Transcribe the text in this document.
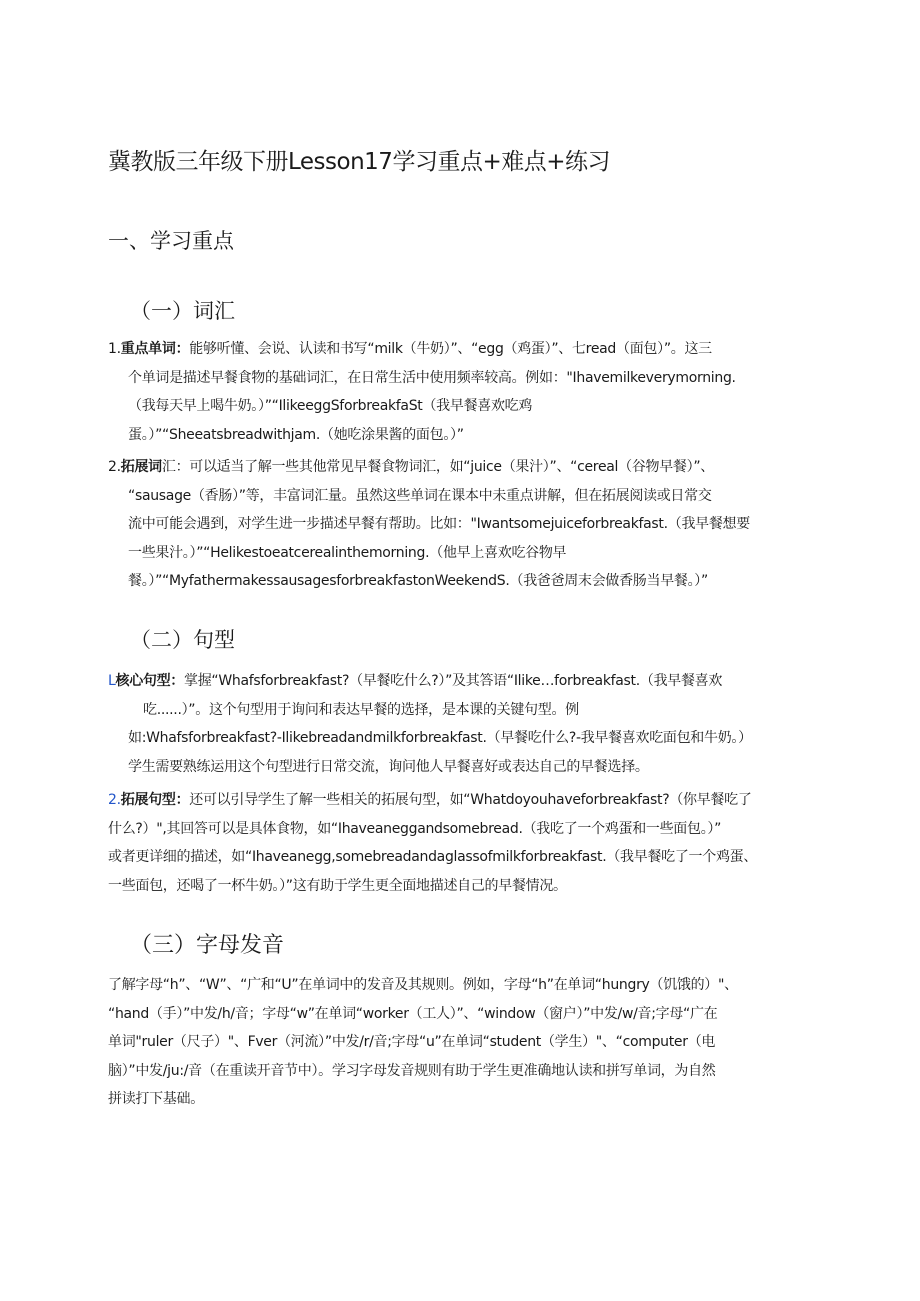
冀教版三年级下册Lesson17学习重点+难点+练习
一、学习重点
（一）词汇
1.重点单词：能够听懂、会说、认读和书写“milk（牛奶）”、“egg（鸡蛋）”、七read（面包）”。这三
个单词是描述早餐食物的基础词汇，在日常生活中使用频率较高。例如："Ihavemilkeverymorning.
（我每天早上喝牛奶。）”“IlikeeggSforbreakfaSt（我早餐喜欢吃鸡
蛋。）”“Sheeatsbreadwithjam.（她吃涂果酱的面包。）”
2.拓展词汇：可以适当了解一些其他常见早餐食物词汇，如“juice（果汁）”、“cereal（谷物早餐）”、
“sausage（香肠）”等，丰富词汇量。虽然这些单词在课本中未重点讲解，但在拓展阅读或日常交
流中可能会遇到，对学生进一步描述早餐有帮助。比如："Iwantsomejuiceforbreakfast.（我早餐想要
一些果汁。）”“Helikestoeatcerealinthemorning.（他早上喜欢吃谷物早
餐。）”“MyfathermakessausagesforbreakfastonWeekendS.（我爸爸周末会做香肠当早餐。）”
（二）句型
L核心句型：掌握“Whafsforbreakfast?（早餐吃什么?）”及其答语“Ilike…forbreakfast.（我早餐喜欢
吃......）”。这个句型用于询问和表达早餐的选择，是本课的关键句型。例
如:Whafsforbreakfast?-Ilikebreadandmilkforbreakfast.（早餐吃什么?-我早餐喜欢吃面包和牛奶。）
学生需要熟练运用这个句型进行日常交流，询问他人早餐喜好或表达自己的早餐选择。
2.拓展句型：还可以引导学生了解一些相关的拓展句型，如“Whatdoyouhaveforbreakfast?（你早餐吃了
什么?）",其回答可以是具体食物，如“Ihaveaneggandsomebread.（我吃了一个鸡蛋和一些面包。）”
或者更详细的描述，如“Ihaveanegg,somebreadandaglassofmilkforbreakfast.（我早餐吃了一个鸡蛋、
一些面包，还喝了一杯牛奶。）”这有助于学生更全面地描述自己的早餐情况。
（三）字母发音
了解字母“h”、“W”、“广和“U”在单词中的发音及其规则。例如，字母“h”在单词“hungry（饥饿的）"、
“hand（手）”中发/h/音；字母“w”在单词“worker（工人）”、“window（窗户）”中发/w/音;字母“广在
单词"ruler（尺子）"、Fver（河流）”中发/r/音;字母“u”在单词“student（学生）"、“computer（电
脑）”中发/ju:/音（在重读开音节中）。学习字母发音规则有助于学生更准确地认读和拼写单词，为自然
拼读打下基础。
